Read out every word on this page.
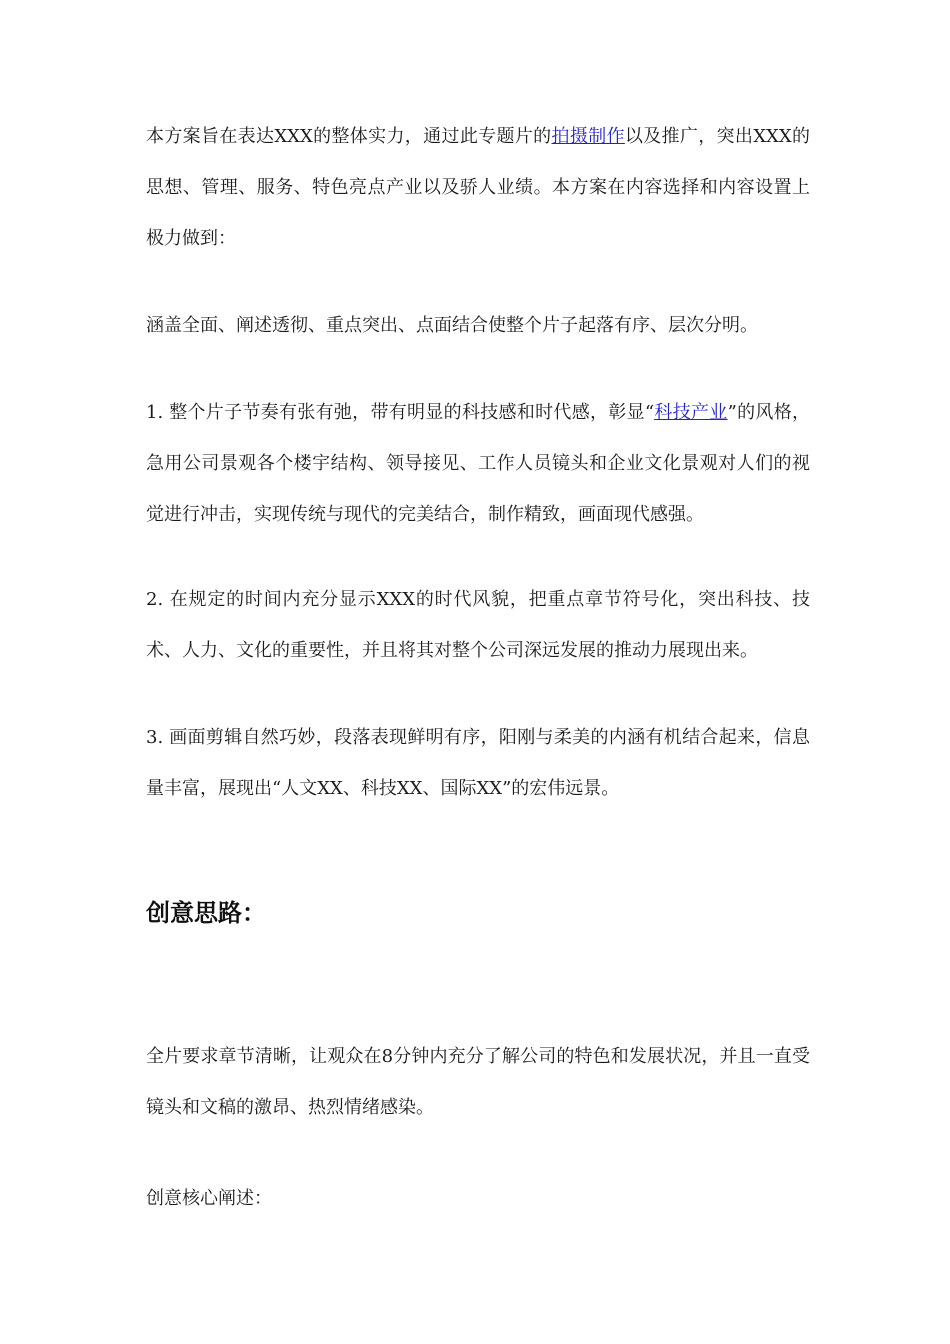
本方案旨在表达XXX的整体实力，通过此专题片的拍摄制作以及推广，突出XXX的思想、管理、服务、特色亮点产业以及骄人业绩。本方案在内容选择和内容设置上极力做到：

涵盖全面、阐述透彻、重点突出、点面结合使整个片子起落有序、层次分明。

1. 整个片子节奏有张有弛，带有明显的科技感和时代感，彰显“科技产业”的风格，急用公司景观各个楼宇结构、领导接见、工作人员镜头和企业文化景观对人们的视觉进行冲击，实现传统与现代的完美结合，制作精致，画面现代感强。

2. 在规定的时间内充分显示XXX的时代风貌，把重点章节符号化，突出科技、技术、人力、文化的重要性，并且将其对整个公司深远发展的推动力展现出来。

3. 画面剪辑自然巧妙，段落表现鲜明有序，阳刚与柔美的内涵有机结合起来，信息量丰富，展现出“人文XX、科技XX、国际XX”的宏伟远景。

创意思路：

全片要求章节清晰，让观众在8分钟内充分了解公司的特色和发展状况，并且一直受镜头和文稿的激昂、热烈情绪感染。

创意核心阐述：
